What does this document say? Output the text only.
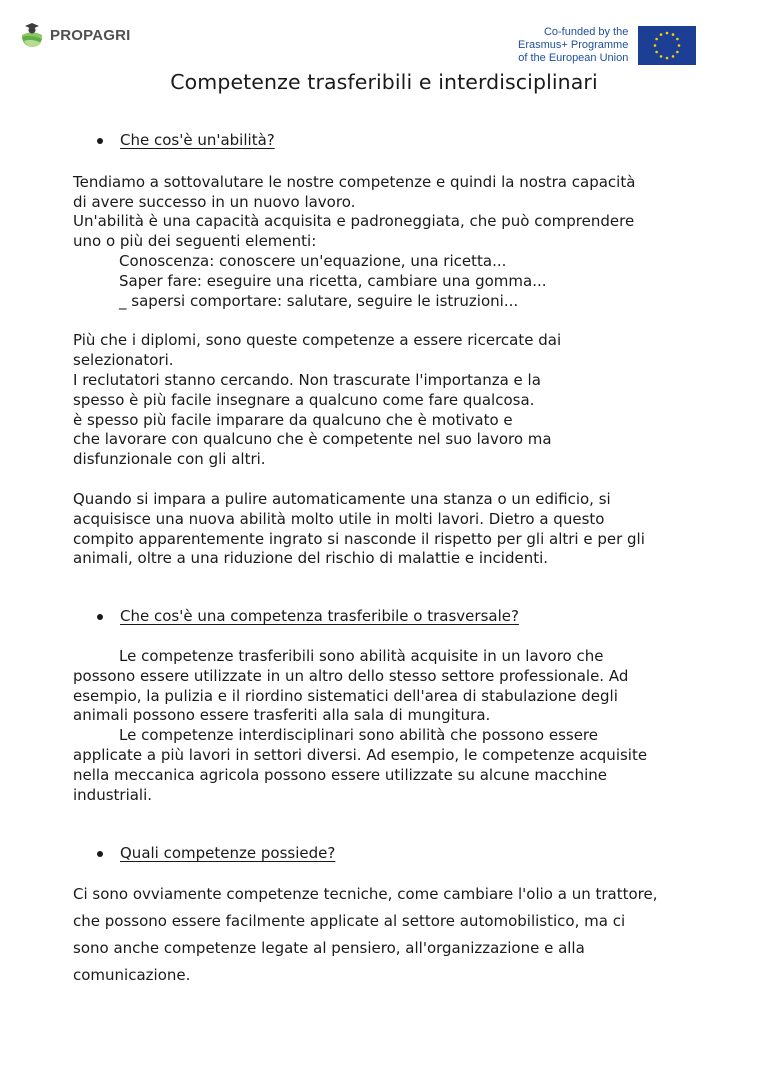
PROPAGRI	Co-funded by the
Erasmus+ Programme
of the European Union
Competenze trasferibili e interdisciplinari
Che cos'è un'abilità?

Tendiamo a sottovalutare le nostre competenze e quindi la nostra capacità
di avere successo in un nuovo lavoro.
Un'abilità è una capacità acquisita e padroneggiata, che può comprendere
uno o più dei seguenti elementi:

Conoscenza: conoscere un'equazione, una ricetta...
Saper fare: eseguire una ricetta, cambiare una gomma...
_ sapersi comportare: salutare, seguire le istruzioni...

Più che i diplomi, sono queste competenze a essere ricercate dai
selezionatori.
I reclutatori stanno cercando. Non trascurate l'importanza e la
spesso è più facile insegnare a qualcuno come fare qualcosa.
è spesso più facile imparare da qualcuno che è motivato e
che lavorare con qualcuno che è competente nel suo lavoro ma
disfunzionale con gli altri.

Quando si impara a pulire automaticamente una stanza o un edificio, si
acquisisce una nuova abilità molto utile in molti lavori. Dietro a questo
compito apparentemente ingrato si nasconde il rispetto per gli altri e per gli
animali, oltre a una riduzione del rischio di malattie e incidenti.

Che cos'è una competenza trasferibile o trasversale?

Le competenze trasferibili sono abilità acquisite in un lavoro che
possono essere utilizzate in un altro dello stesso settore professionale. Ad
esempio, la pulizia e il riordino sistematici dell'area di stabulazione degli
animali possono essere trasferiti alla sala di mungitura.

Le competenze interdisciplinari sono abilità che possono essere
applicate a più lavori in settori diversi. Ad esempio, le competenze acquisite
nella meccanica agricola possono essere utilizzate su alcune macchine
industriali.

Quali competenze possiede?

Ci sono ovviamente competenze tecniche, come cambiare l'olio a un trattore,
che possono essere facilmente applicate al settore automobilistico, ma ci
sono anche competenze legate al pensiero, all'organizzazione e alla
comunicazione.
